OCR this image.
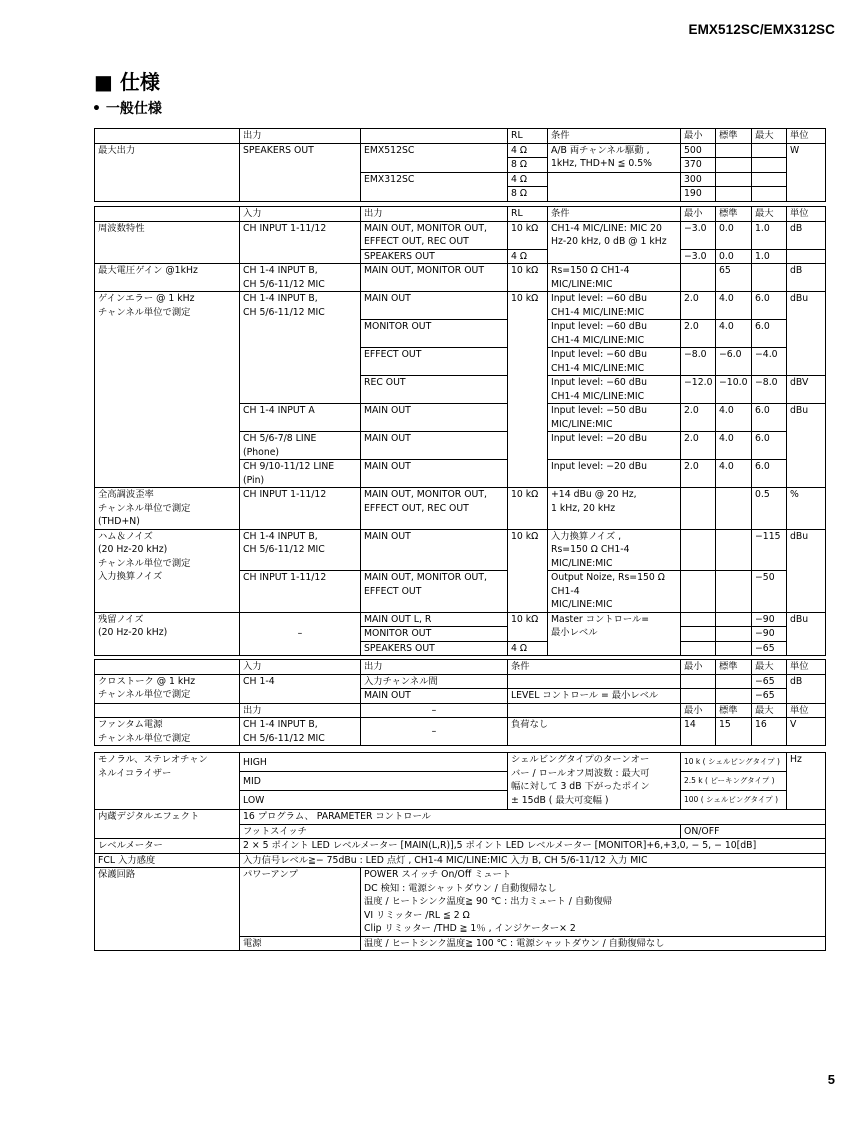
EMX512SC/EMX312SC
■ 仕様
• 一般仕様
	出力		RL	条件	最小	標準	最大	単位
最大出力	SPEAKERS OUT	EMX512SC	4 Ω	A/B 両チャンネル駆動 ,
1kHz, THD+N ≦ 0.5%	500			W
			8 Ω		370			
		EMX312SC	4 Ω		300			
			8 Ω		190			
	入力	出力	RL	条件	最小	標準	最大	単位
周波数特性	CH INPUT 1-11/12	MAIN OUT, MONITOR OUT,
EFFECT OUT, REC OUT	10 kΩ	CH1-4 MIC/LINE: MIC 20
Hz-20 kHz, 0 dB @ 1 kHz	−3.0	0.0	1.0	dB
		SPEAKERS OUT	4 Ω		−3.0	0.0	1.0	
最大電圧ゲイン @1kHz	CH 1-4 INPUT B,
CH 5/6-11/12 MIC	MAIN OUT, MONITOR OUT	10 kΩ	Rs=150 Ω CH1-4
MIC/LINE:MIC		65		dB
ゲインエラー @ 1 kHz
チャンネル単位で測定	CH 1-4 INPUT B,
CH 5/6-11/12 MIC	MAIN OUT	10 kΩ	Input level: −60 dBu
CH1-4 MIC/LINE:MIC	2.0	4.0	6.0	dBu
		MONITOR OUT		Input level: −60 dBu
CH1-4 MIC/LINE:MIC	2.0	4.0	6.0	
		EFFECT OUT		Input level: −60 dBu
CH1-4 MIC/LINE:MIC	−8.0	−6.0	−4.0	
		REC OUT		Input level: −60 dBu
CH1-4 MIC/LINE:MIC	−12.0	−10.0	−8.0	dBV
	CH 1-4 INPUT A	MAIN OUT		Input level: −50 dBu
MIC/LINE:MIC	2.0	4.0	6.0	dBu
	CH 5/6-7/8 LINE
(Phone)	MAIN OUT		Input level: −20 dBu	2.0	4.0	6.0	
	CH 9/10-11/12 LINE
(Pin)	MAIN OUT		Input level: −20 dBu	2.0	4.0	6.0	
全高調波歪率
チャンネル単位で測定
(THD+N)	CH INPUT 1-11/12	MAIN OUT, MONITOR OUT,
EFFECT OUT, REC OUT	10 kΩ	+14 dBu @ 20 Hz,
1 kHz, 20 kHz			0.5	%
ハム＆ノイズ
(20 Hz-20 kHz)
チャンネル単位で測定
入力換算ノイズ	CH 1-4 INPUT B,
CH 5/6-11/12 MIC	MAIN OUT	10 kΩ	入力換算ノイズ ,
Rs=150 Ω CH1-4
MIC/LINE:MIC			−115	dBu
	CH INPUT 1-11/12	MAIN OUT, MONITOR OUT,
EFFECT OUT		Output Noize, Rs=150 Ω
CH1-4
MIC/LINE:MIC			−50	
残留ノイズ
(20 Hz-20 kHz)	–	MAIN OUT L, R	10 kΩ	Master コントロール=
最小レベル			−90	dBu
		MONITOR OUT					−90	
		SPEAKERS OUT	4 Ω				−65	
	入力	出力	条件	最小	標準	最大	単位
クロストーク @ 1 kHz
チャンネル単位で測定	CH 1-4	入力チャンネル間				−65	dB
		MAIN OUT	LEVEL コントロール = 最小レベル			−65	
	出力	–		最小	標準	最大	単位
ファンタム電源
チャンネル単位で測定	CH 1-4 INPUT B,
CH 5/6-11/12 MIC	–	負荷なし	14	15	16	V
モノラル、ステレオチャン
ネルイコライザー	HIGH		シェルビングタイプのターンオー
バー / ロールオフ周波数 : 最大可
幅に対して 3 dB 下がったポイン
± 15dB ( 最大可変幅 )	10 k ( シェルビングタイプ )	Hz
	MID			2.5 k ( ピーキングタイプ )	
	LOW			100 ( シェルビングタイプ )	
内蔵デジタルエフェクト	16 プログラム、 PARAMETER コントロール				
	フットスイッチ			ON/OFF	
レベルメーター	2 × 5 ポイント LED レベルメーター [MAIN(L,R)],5 ポイント LED レベルメーター [MONITOR]+6,+3,0, − 5, − 10[dB]				
FCL 入力感度	入力信号レベル≧− 75dBu : LED 点灯 , CH1-4 MIC/LINE:MIC 入力 B, CH 5/6-11/12 入力 MIC				
保護回路	パワーアンプ	POWER スイッチ On/Off ミュート
DC 検知 : 電源シャットダウン / 自動復帰なし
温度 / ヒートシンク温度≧ 90 ℃ : 出力ミュート / 自動復帰
VI リミッター /RL ≦ 2 Ω
Clip リミッター /THD ≧ 1％ , インジケーター× 2			
	電源	温度 / ヒートシンク温度≧ 100 ℃ : 電源シャットダウン / 自動復帰なし			
5
